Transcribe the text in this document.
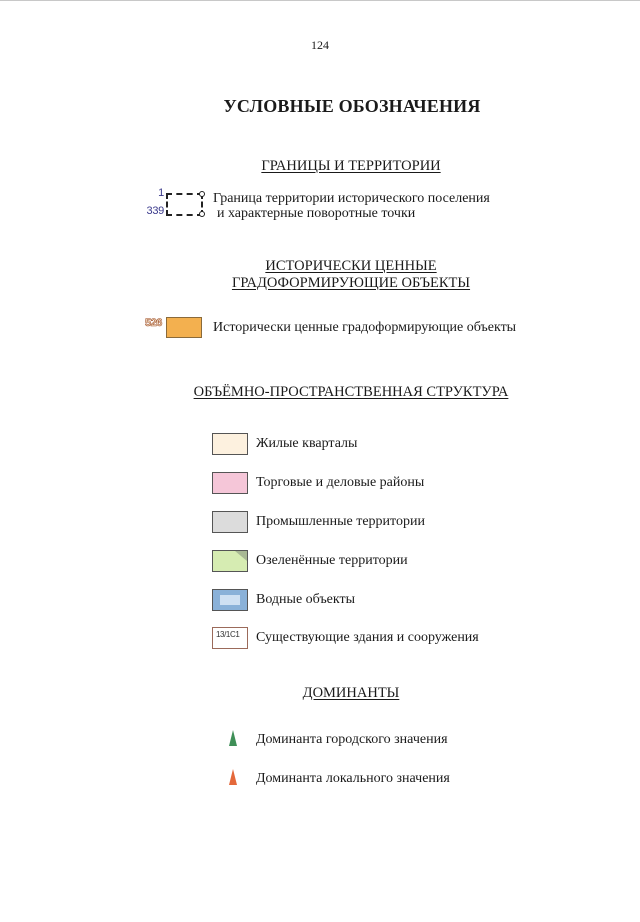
124
УСЛОВНЫЕ ОБОЗНАЧЕНИЯ
ГРАНИЦЫ И ТЕРРИТОРИИ
1
339
Граница территории исторического поселения
и характерные поворотные точки
ИСТОРИЧЕСКИ ЦЕННЫЕ
ГРАДОФОРМИРУЮЩИЕ ОБЪЕКТЫ
526	Исторически ценные градоформирующие объекты
ОБЪЁМНО-ПРОСТРАНСТВЕННАЯ СТРУКТУРА
Жилые кварталы
Торговые и деловые районы
Промышленные территории
Озеленённые территории
Водные объекты
13/1С1 Существующие здания и сооружения
ДОМИНАНТЫ
Доминанта городского значения
Доминанта локального значения
